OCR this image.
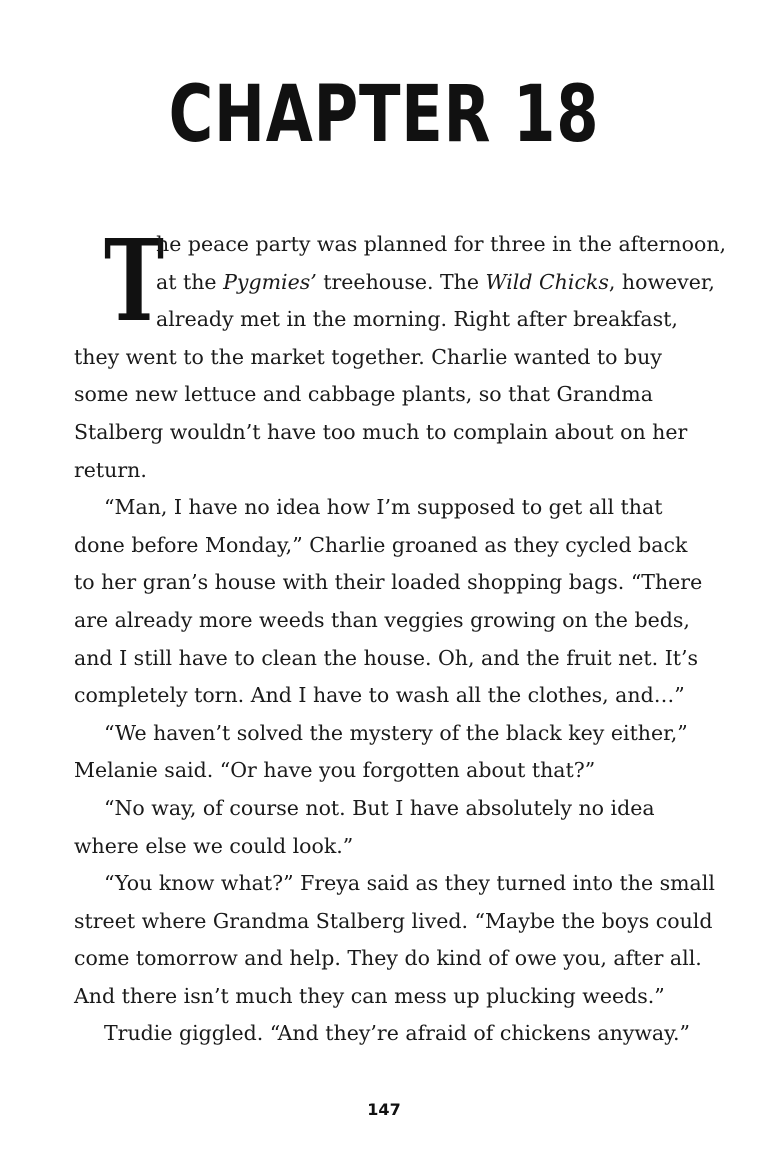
CHAPTER 18
T

he peace party was planned for three in the afternoon,
at the Pygmies’ treehouse. The Wild Chicks, however,
already met in the morning. Right after breakfast,
they went to the market together. Charlie wanted to buy
some new lettuce and cabbage plants, so that Grandma
Stalberg wouldn’t have too much to complain about on her
return.

“Man, I have no idea how I’m supposed to get all that
done before Monday,” Charlie groaned as they cycled back
to her gran’s house with their loaded shopping bags. “There
are already more weeds than veggies growing on the beds,
and I still have to clean the house. Oh, and the fruit net. It’s
completely torn. And I have to wash all the clothes, and…”

“We haven’t solved the mystery of the black key either,”
Melanie said. “Or have you forgotten about that?”

“No way, of course not. But I have absolutely no idea
where else we could look.”

“You know what?” Freya said as they turned into the small
street where Grandma Stalberg lived. “Maybe the boys could
come tomorrow and help. They do kind of owe you, after all.
And there isn’t much they can mess up plucking weeds.”

Trudie giggled. “And they’re afraid of chickens anyway.”

147
